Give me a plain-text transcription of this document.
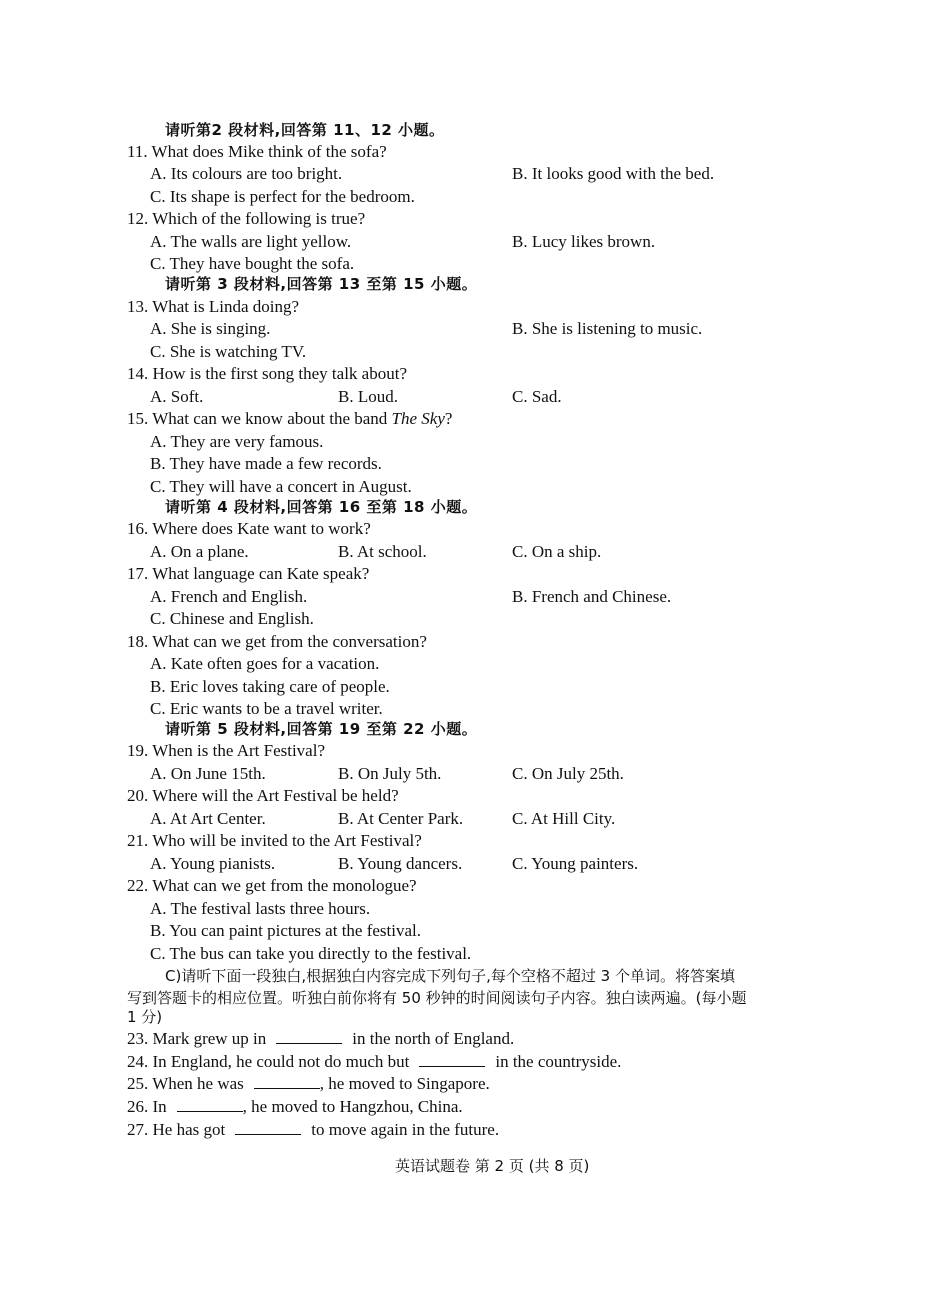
请听第2 段材料,回答第 11、12 小题。
11. What does Mike think of the sofa?
A. Its colours are too bright.	B. It looks good with the bed.
C. Its shape is perfect for the bedroom.
12. Which of the following is true?
A. The walls are light yellow.	B. Lucy likes brown.
C. They have bought the sofa.
请听第 3 段材料,回答第 13 至第 15 小题。
13. What is Linda doing?
A. She is singing.	B. She is listening to music.
C. She is watching TV.
14. How is the first song they talk about?
A. Soft.	B. Loud.	C. Sad.
15. What can we know about the band The Sky?
A. They are very famous.
B. They have made a few records.
C. They will have a concert in August.
请听第 4 段材料,回答第 16 至第 18 小题。
16. Where does Kate want to work?
A. On a plane.	B. At school.	C. On a ship.
17. What language can Kate speak?
A. French and English.	B. French and Chinese.
C. Chinese and English.
18. What can we get from the conversation?
A. Kate often goes for a vacation.
B. Eric loves taking care of people.
C. Eric wants to be a travel writer.
请听第 5 段材料,回答第 19 至第 22 小题。
19. When is the Art Festival?
A. On June 15th.	B. On July 5th.	C. On July 25th.
20. Where will the Art Festival be held?
A. At Art Center.	B. At Center Park.	C. At Hill City.
21. Who will be invited to the Art Festival?
A. Young pianists.	B. Young dancers.	C. Young painters.
22. What can we get from the monologue?
A. The festival lasts three hours.
B. You can paint pictures at the festival.
C. The bus can take you directly to the festival.
C)请听下面一段独白,根据独白内容完成下列句子,每个空格不超过 3 个单词。将答案填
写到答题卡的相应位置。听独白前你将有 50 秒钟的时间阅读句子内容。独白读两遍。(每小题
1 分)
23. Mark grew up in	in the north of England.
24. In England, he could not do much but	in the countryside.
25. When he was	, he moved to Singapore.
26. In	, he moved to Hangzhou, China.
27. He has got	to move again in the future.
英语试题卷 第 2 页 (共 8 页)
